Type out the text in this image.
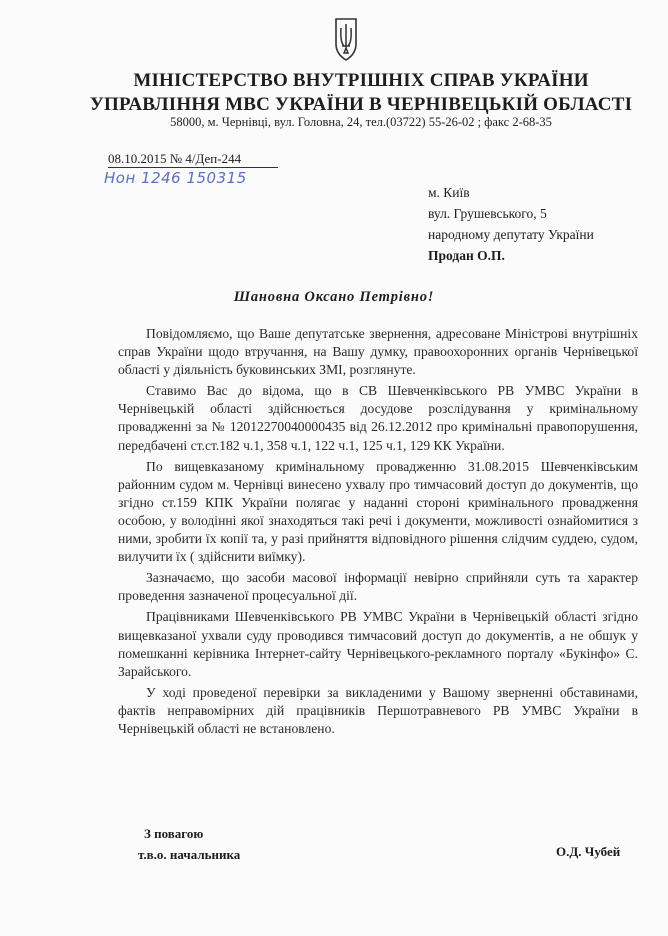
МІНІСТЕРСТВО ВНУТРІШНІХ СПРАВ УКРАЇНИ
УПРАВЛІННЯ МВС УКРАЇНИ В ЧЕРНІВЕЦЬКІЙ ОБЛАСТІ
58000, м. Чернівці, вул. Головна, 24, тел.(03722) 55-26-02 ; факс 2-68-35
08.10.2015 № 4/Деп-244
Нон 1246 150315
м. Київ
вул. Грушевського, 5
народному депутату України
Продан О.П.
Шановна Оксано Петрівно!

Повідомляємо, що Ваше депутатське звернення, адресоване Міністрові внутрішніх справ України щодо втручання, на Вашу думку, правоохоронних органів Чернівецької області у діяльність буковинських ЗМІ, розглянуте.

Ставимо Вас до відома, що в СВ Шевченківського РВ УМВС України в Чернівецькій області здійснюється досудове розслідування у кримінальному провадженні за № 12012270040000435 від 26.12.2012 про кримінальні правопорушення, передбачені ст.ст.182 ч.1, 358 ч.1, 122 ч.1, 125 ч.1, 129 КК України.

По вищевказаному кримінальному провадженню 31.08.2015 Шевченківським районним судом м. Чернівці винесено ухвалу про тимчасовий доступ до документів, що згідно ст.159 КПК України полягає у наданні стороні кримінального провадження особою, у володінні якої знаходяться такі речі і документи, можливості ознайомитися з ними, зробити їх копії та, у разі прийняття відповідного рішення слідчим суддею, судом, вилучити їх ( здійснити виїмку).

Зазначаємо, що засоби масової інформації невірно сприйняли суть та характер проведення зазначеної процесуальної дії.

Працівниками Шевченківського РВ УМВС України в Чернівецькій області згідно вищевказаної ухвали суду проводився тимчасовий доступ до документів, а не обшук у помешканні керівника Інтернет-сайту Чернівецького-рекламного порталу «Букінфо» С. Зарайського.

У ході проведеної перевірки за викладеними у Вашому зверненні обставинами, фактів неправомірних дій працівників Першотравневого РВ УМВС України в Чернівецькій області не встановлено.

З повагою
т.в.о. начальника	О.Д. Чубей
